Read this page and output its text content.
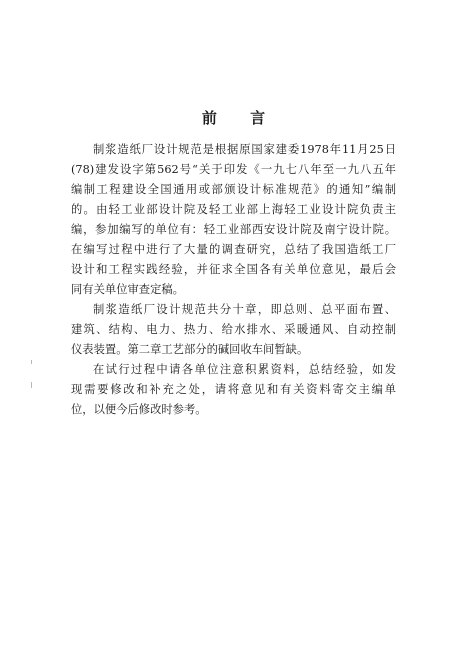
前 言
制浆造纸厂设计规范是根据原国家建委1978年11月25日
(78)建发设字第562号“关于印发《一九七八年至一九八五年
编制工程建设全国通用或部颁设计标准规范》的通知”编制
的。由轻工业部设计院及轻工业部上海轻工业设计院负责主
编，参加编写的单位有：轻工业部西安设计院及南宁设计院。
在编写过程中进行了大量的调查研究，总结了我国造纸工厂
设计和工程实践经验，并征求全国各有关单位意见，最后会
同有关单位审查定稿。
制浆造纸厂设计规范共分十章，即总则、总平面布置、
建筑、结构、电力、热力、给水排水、采暖通风、自动控制
仪表装置。第二章工艺部分的碱回收车间暂缺。
在试行过程中请各单位注意积累资料，总结经验，如发
现需要修改和补充之处，请将意见和有关资料寄交主编单
位，以便今后修改时参考。
